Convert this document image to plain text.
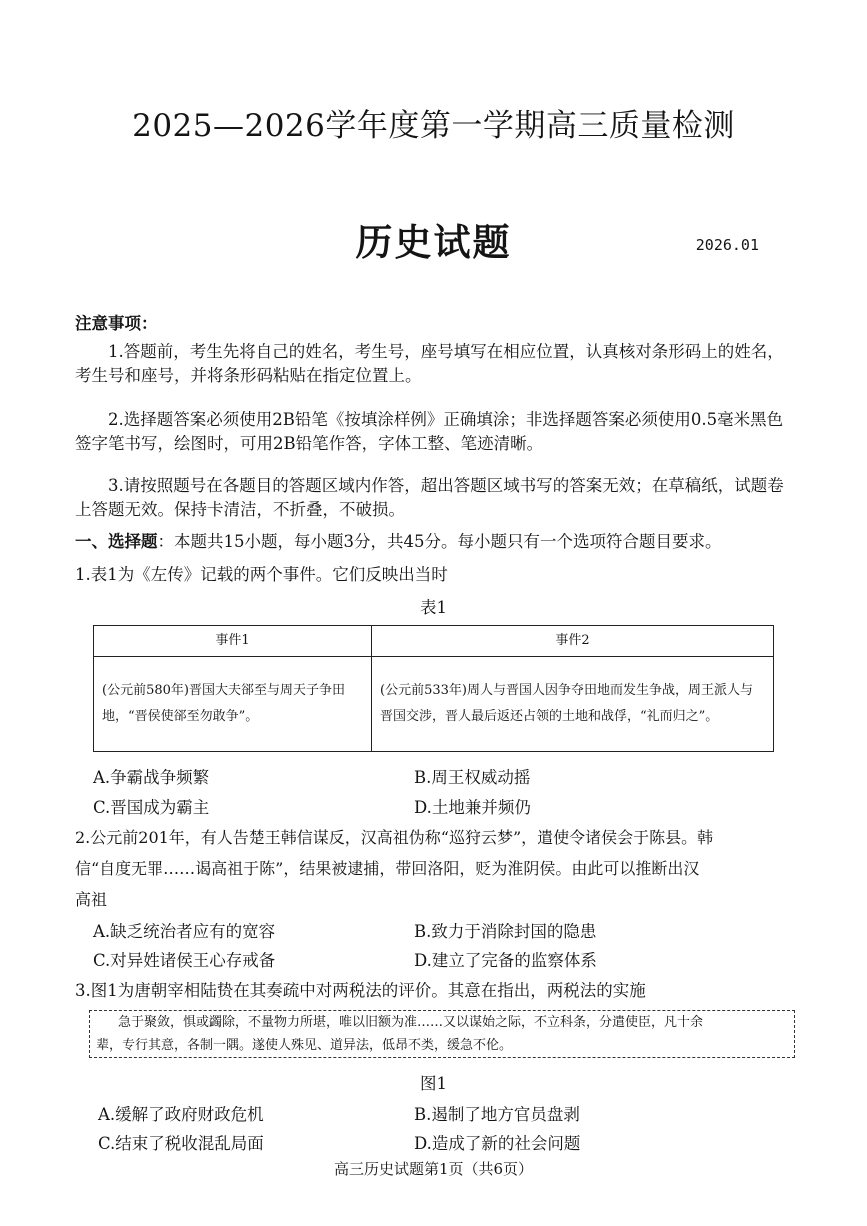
2025—2026学年度第一学期高三质量检测
历史试题	2026.01
注意事项：
1.答题前，考生先将自己的姓名，考生号，座号填写在相应位置，认真核对条形码上的姓名，考生号和座号，并将条形码粘贴在指定位置上。
2.选择题答案必须使用2B铅笔《按填涂样例》正确填涂；非选择题答案必须使用0.5毫米黑色签字笔书写，绘图时，可用2B铅笔作答，字体工整、笔迹清晰。
3.请按照题号在各题目的答题区域内作答，超出答题区域书写的答案无效；在草稿纸，试题卷上答题无效。保持卡清洁，不折叠，不破损。
一、选择题：本题共15小题，每小题3分，共45分。每小题只有一个选项符合题目要求。
1.表1为《左传》记载的两个事件。它们反映出当时
表1
事件1	事件2
(公元前580年)晋国大夫郤至与周天子争田地，“晋侯使郤至勿敢争”。	(公元前533年)周人与晋国人因争夺田地而发生争战，周王派人与晋国交涉，晋人最后返还占领的土地和战俘，“礼而归之”。
A.争霸战争频繁	B.周王权威动摇
C.晋国成为霸主	D.土地兼并频仍
2.公元前201年，有人告楚王韩信谋反，汉高祖伪称“巡狩云梦”，遣使令诸侯会于陈县。韩
信“自度无罪……谒高祖于陈”，结果被逮捕，带回洛阳，贬为淮阴侯。由此可以推断出汉
高祖
A.缺乏统治者应有的宽容	B.致力于消除封国的隐患
C.对异姓诸侯王心存戒备	D.建立了完备的监察体系
3.图1为唐朝宰相陆贽在其奏疏中对两税法的评价。其意在指出，两税法的实施
急于聚敛，惧或蠲除，不量物力所堪，唯以旧额为准……又以谋始之际，不立科条，分遣使臣，凡十余
辈，专行其意，各制一隅。遂使人殊见、道异法，低昂不类，缓急不伦。
图1
A.缓解了政府财政危机	B.遏制了地方官员盘剥
C.结束了税收混乱局面	D.造成了新的社会问题
高三历史试题第1页（共6页）
